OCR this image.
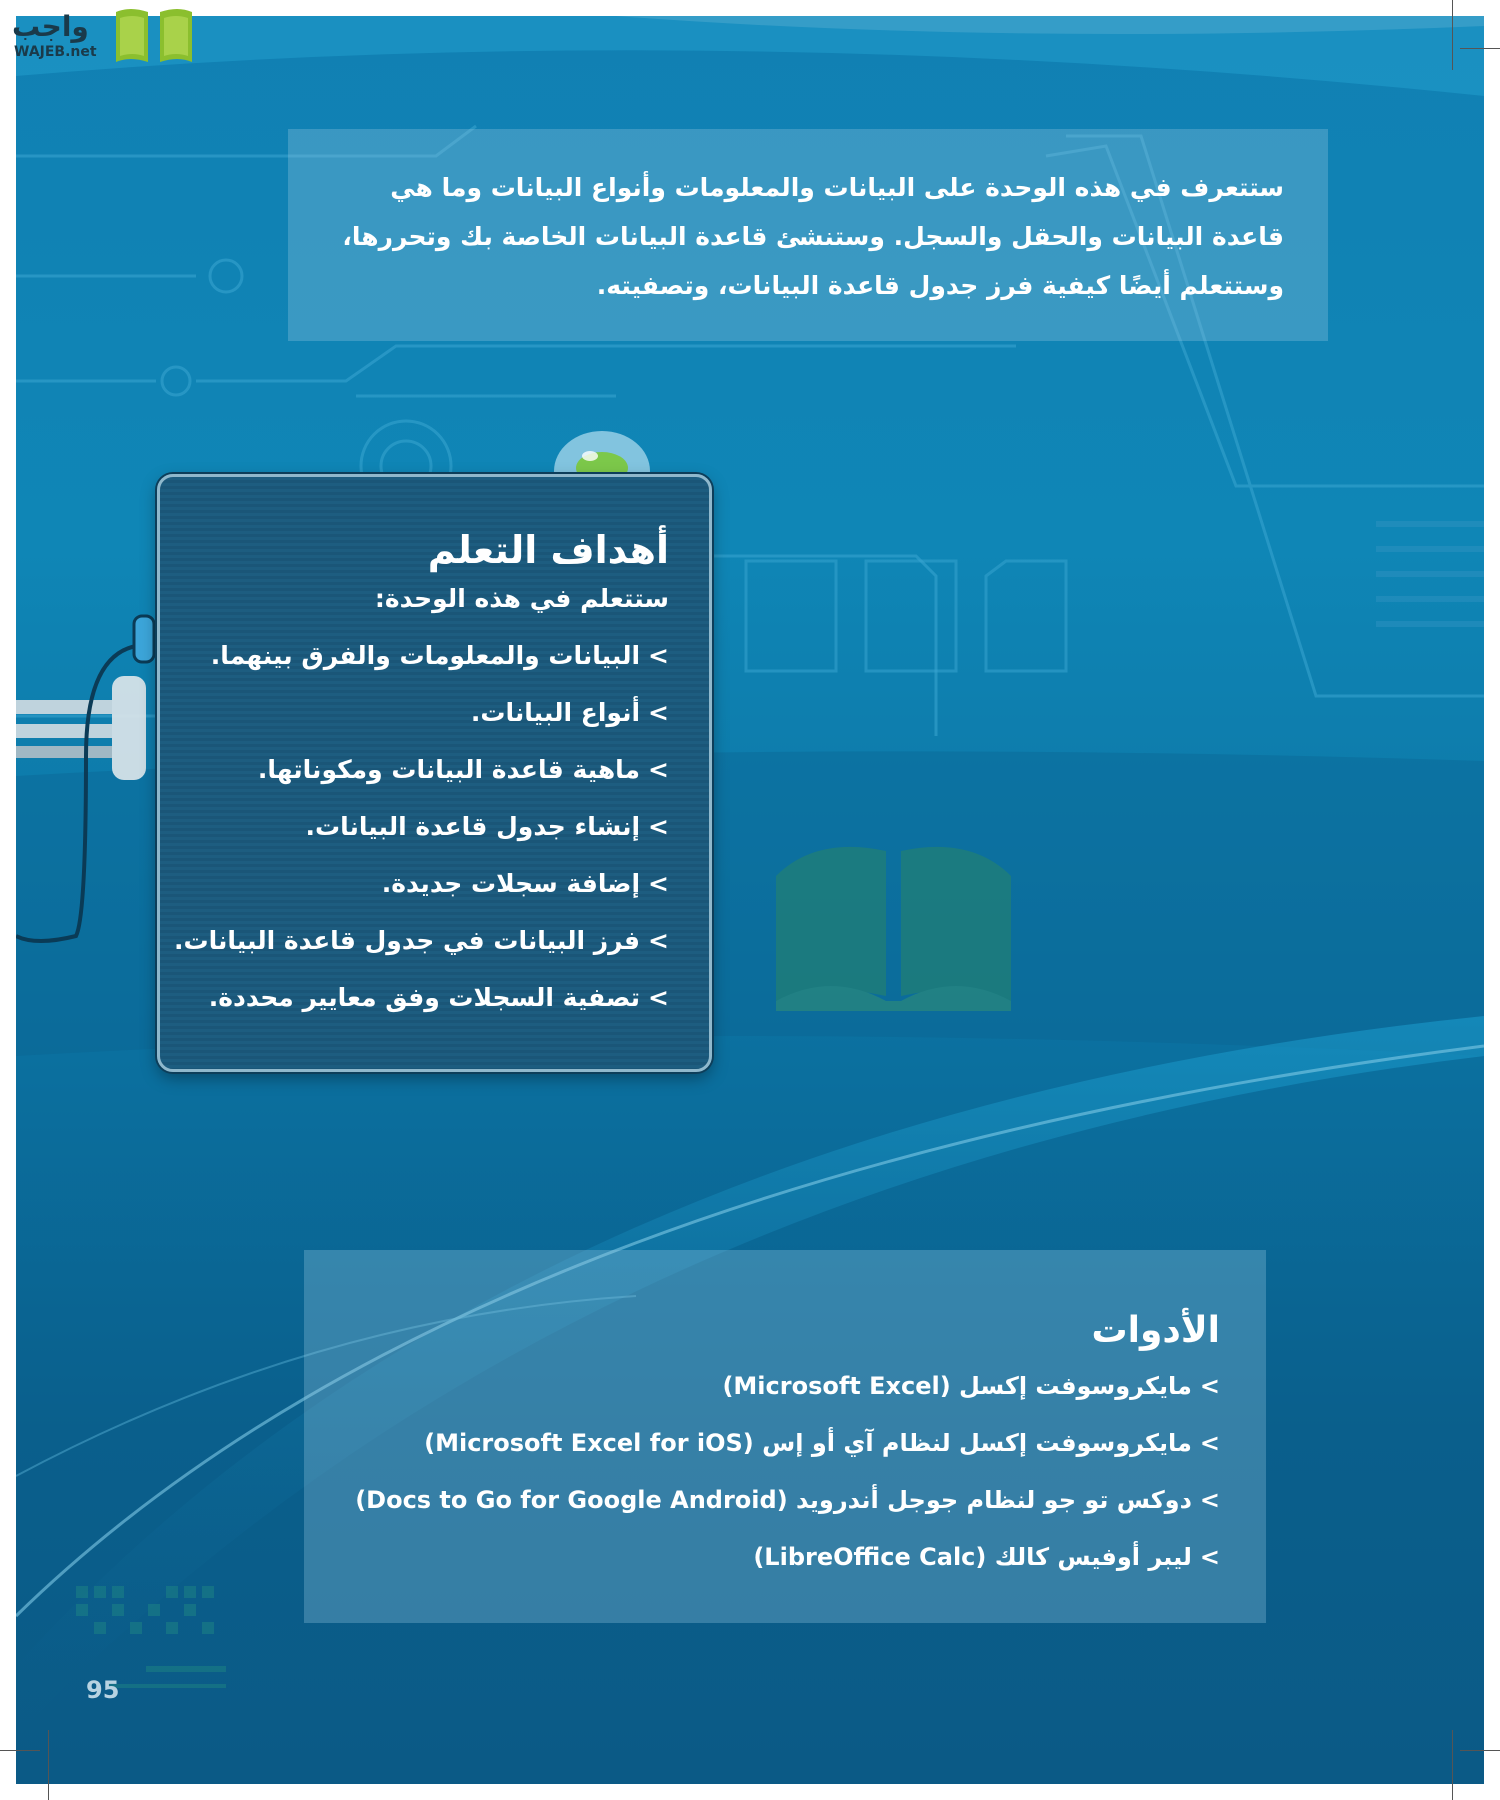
ستتعرف في هذه الوحدة على البيانات والمعلومات وأنواع البيانات وما هي قاعدة البيانات والحقل والسجل. وستنشئ قاعدة البيانات الخاصة بك وتحررها، وستتعلم أيضًا كيفية فرز جدول قاعدة البيانات، وتصفيته.

أهداف التعلم
ستتعلم في هذه الوحدة:
>البيانات والمعلومات والفرق بينهما.
>أنواع البيانات.
>ماهية قاعدة البيانات ومكوناتها.
>إنشاء جدول قاعدة البيانات.
>إضافة سجلات جديدة.
>فرز البيانات في جدول قاعدة البيانات.
>تصفية السجلات وفق معايير محددة.
الأدوات
>مايكروسوفت إكسل (Microsoft Excel)
>مايكروسوفت إكسل لنظام آي أو إس (Microsoft Excel for iOS)
>دوكس تو جو لنظام جوجل أندرويد (Docs to Go for Google Android)
>ليبر أوفيس كالك (LibreOffice Calc)
95
واجب
WAJEB.net
